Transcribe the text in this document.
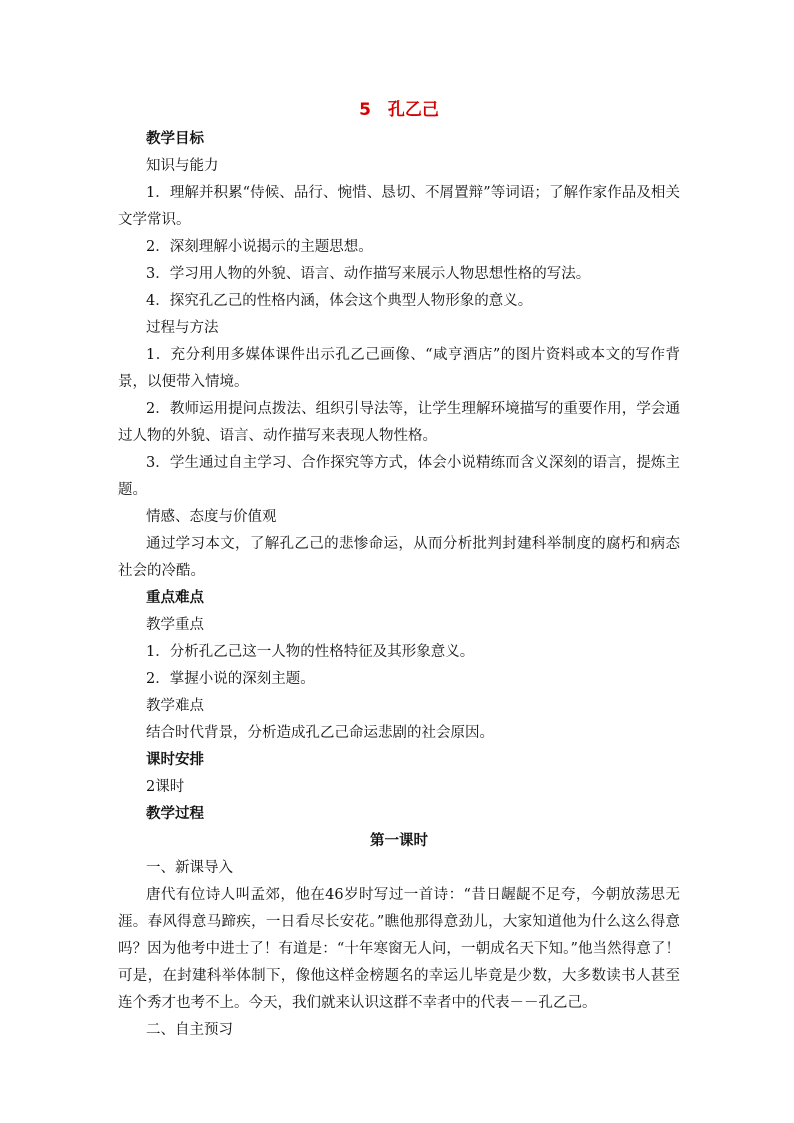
5　孔乙己
教学目标
知识与能力

1．理解并积累“侍候、品行、惋惜、恳切、不屑置辩”等词语；了解作家作品及相关文学常识。

2．深刻理解小说揭示的主题思想。

3．学习用人物的外貌、语言、动作描写来展示人物思想性格的写法。

4．探究孔乙己的性格内涵，体会这个典型人物形象的意义。

过程与方法

1．充分利用多媒体课件出示孔乙己画像、“咸亨酒店”的图片资料或本文的写作背景，以便带入情境。

2．教师运用提问点拨法、组织引导法等，让学生理解环境描写的重要作用，学会通过人物的外貌、语言、动作描写来表现人物性格。

3．学生通过自主学习、合作探究等方式，体会小说精练而含义深刻的语言，提炼主题。

情感、态度与价值观

通过学习本文，了解孔乙己的悲惨命运，从而分析批判封建科举制度的腐朽和病态社会的冷酷。

重点难点
教学重点

1．分析孔乙己这一人物的性格特征及其形象意义。

2．掌握小说的深刻主题。

教学难点

结合时代背景，分析造成孔乙己命运悲剧的社会原因。

课时安排

2课时

教学过程
第一课时
一、新课导入

唐代有位诗人叫孟郊，他在46岁时写过一首诗：“昔日龌龊不足夸，今朝放荡思无涯。春风得意马蹄疾，一日看尽长安花。”瞧他那得意劲儿，大家知道他为什么这么得意吗？因为他考中进士了！有道是：“十年寒窗无人问，一朝成名天下知。”他当然得意了！可是，在封建科举体制下，像他这样金榜题名的幸运儿毕竟是少数，大多数读书人甚至连个秀才也考不上。今天，我们就来认识这群不幸者中的代表－－孔乙己。

二、自主预习
